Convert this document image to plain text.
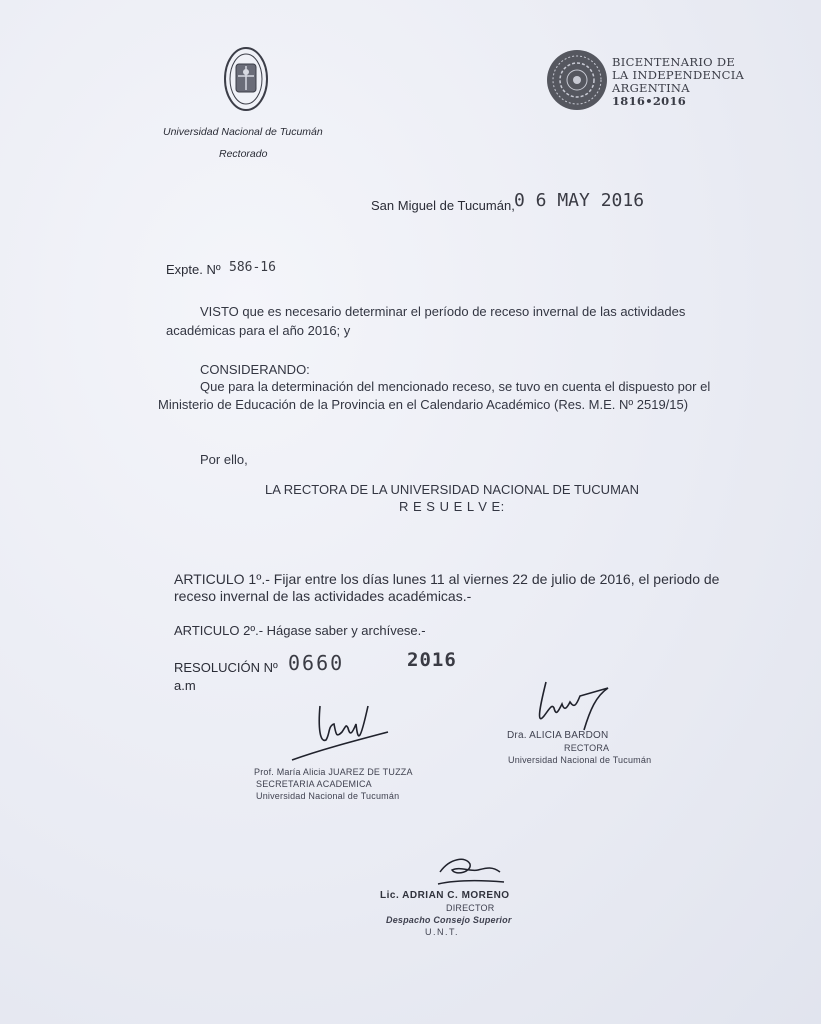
Universidad Nacional de Tucumán
Rectorado
BICENTENARIO DE
LA INDEPENDENCIA
ARGENTINA
1816•2016
San Miguel de Tucumán, 0 6 MAY 2016
Expte. Nº 586-16
VISTO que es necesario determinar el período de receso invernal de las actividades
académicas para el año 2016; y
CONSIDERANDO:
Que para la determinación del mencionado receso, se tuvo en cuenta el dispuesto por el
Ministerio de Educación de la Provincia en el Calendario Académico (Res. M.E. Nº 2519/15)
Por ello,
LA RECTORA DE LA UNIVERSIDAD NACIONAL DE TUCUMAN
R E S U E L V E:
ARTICULO 1º.- Fijar entre los días lunes 11 al viernes 22 de julio de 2016, el periodo de
receso invernal de las actividades académicas.-
ARTICULO 2º.- Hágase saber y archívese.-
RESOLUCIÓN Nº 0660	2016
a.m
Prof. María Alicia JUAREZ DE TUZZA
SECRETARIA ACADEMICA
Universidad Nacional de Tucumán
Dra. ALICIA BARDON
RECTORA
Universidad Nacional de Tucumán
Lic. ADRIAN C. MORENO
DIRECTOR
Despacho Consejo Superior
U.N.T.
